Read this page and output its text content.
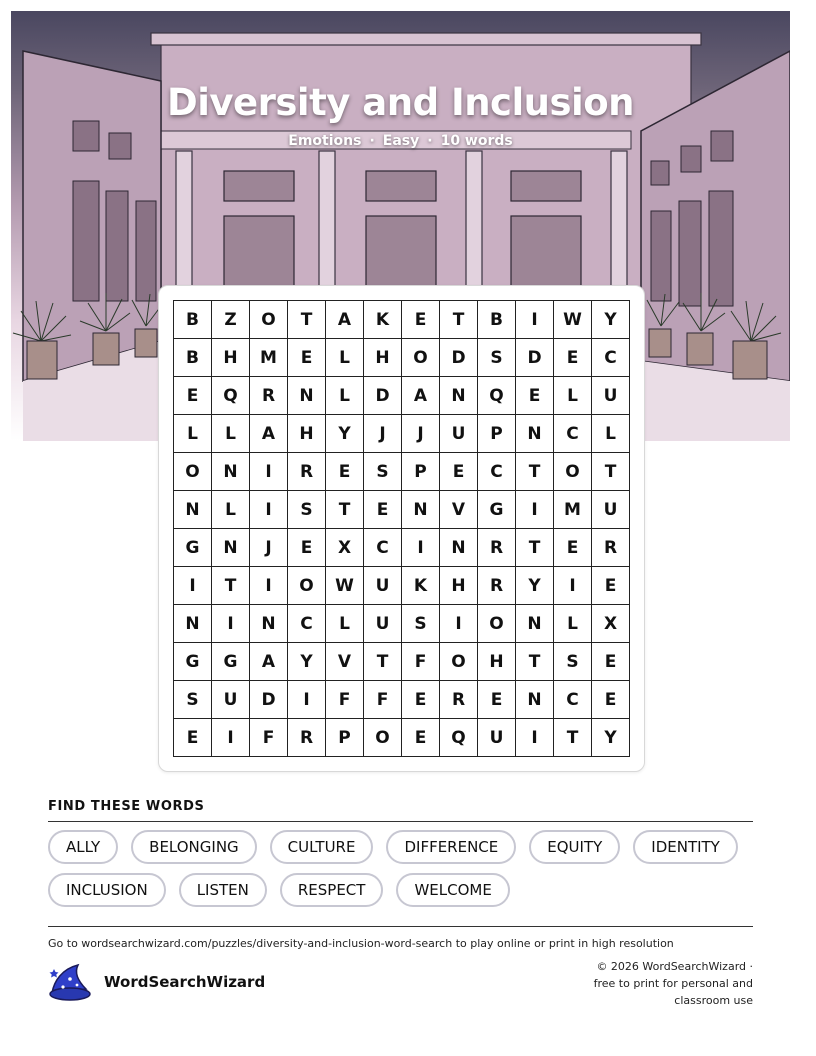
Diversity and Inclusion
Emotions · Easy · 10 words
B	Z	O	T	A	K	E	T	B	I	W	Y
B	H	M	E	L	H	O	D	S	D	E	C
E	Q	R	N	L	D	A	N	Q	E	L	U
L	L	A	H	Y	J	J	U	P	N	C	L
O	N	I	R	E	S	P	E	C	T	O	T
N	L	I	S	T	E	N	V	G	I	M	U
G	N	J	E	X	C	I	N	R	T	E	R
I	T	I	O	W	U	K	H	R	Y	I	E
N	I	N	C	L	U	S	I	O	N	L	X
G	G	A	Y	V	T	F	O	H	T	S	E
S	U	D	I	F	F	E	R	E	N	C	E
E	I	F	R	P	O	E	Q	U	I	T	Y
FIND THESE WORDS
ALLY	BELONGING	CULTURE	DIFFERENCE	EQUITY	IDENTITY
INCLUSION	LISTEN	RESPECT	WELCOME
Go to wordsearchwizard.com/puzzles/diversity-and-inclusion-word-search to play online or print in high resolution
WordSearchWizard
© 2026 WordSearchWizard ·
free to print for personal and
classroom use
